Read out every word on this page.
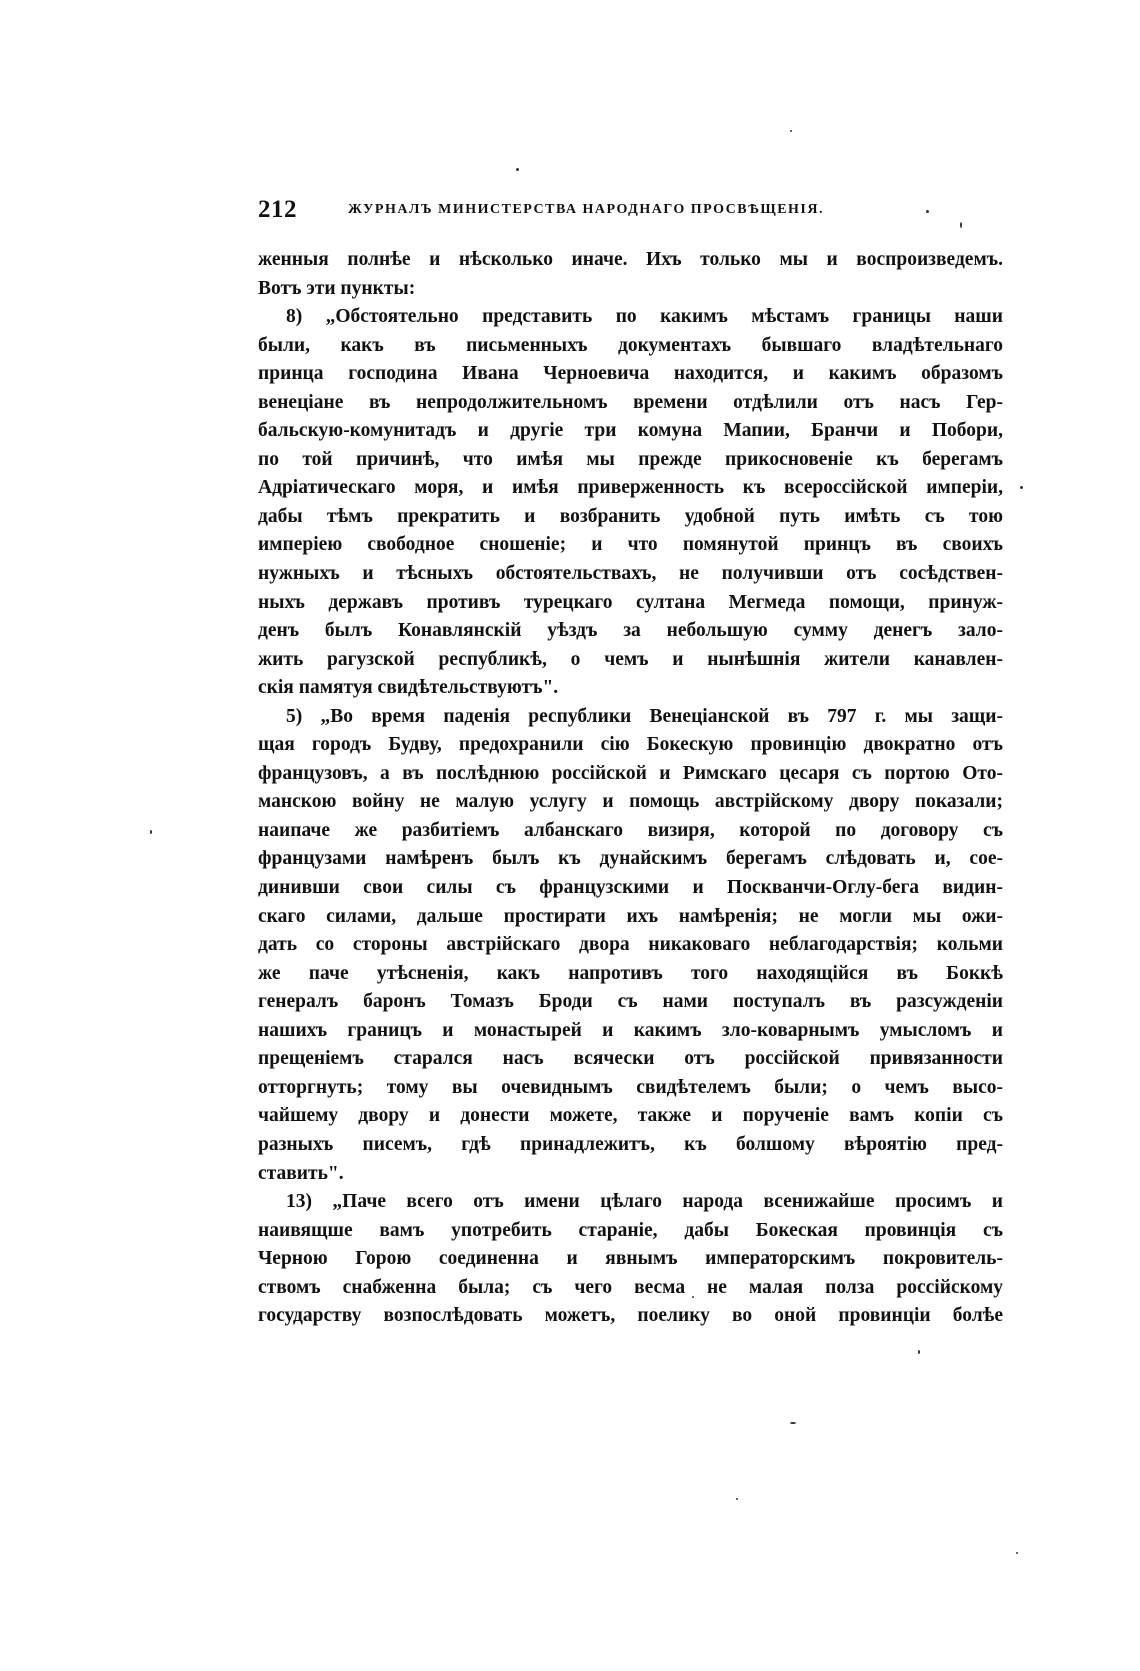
212	ЖУРНАЛЪ МИНИСТЕРСТВА НАРОДНАГО ПРОСВѢЩЕНІЯ.
женныя полнѣе и нѣсколько иначе. Ихъ только мы и воспроизведемъ.
Вотъ эти пункты:
8) „Обстоятельно представить по какимъ мѣстамъ границы наши
были, какъ въ письменныхъ документахъ бывшаго владѣтельнаго
принца господина Ивана Черноевича находится, и какимъ образомъ
венеціане въ непродолжительномъ времени отдѣлили отъ насъ Гер-
бальскую-комунитадъ и другіе три комуна Мапии, Бранчи и Побори,
по той причинѣ, что имѣя мы прежде прикосновеніе къ берегамъ
Адріатическаго моря, и имѣя приверженность къ всероссійской имперіи,
дабы тѣмъ прекратить и возбранить удобной путь имѣть съ тою
имперіею свободное сношеніе; и что помянутой принцъ въ своихъ
нужныхъ и тѣсныхъ обстоятельствахъ, не получивши отъ сосѣдствен-
ныхъ державъ противъ турецкаго султана Мегмеда помощи, принуж-
денъ былъ Конавлянскій уѣздъ за небольшую сумму денегъ зало-
жить рагузской республикѣ, о чемъ и нынѣшнія жители канавлен-
скія памятуя свидѣтельствуютъ".
5) „Во время паденія республики Венеціанской въ 797 г. мы защи-
щая городъ Будву, предохранили сію Бокескую провинцію двократно отъ
французовъ, а въ послѣднюю россійской и Римскаго цесаря съ портою Ото-
манскою войну не малую услугу и помощь австрійскому двору показали;
наипаче же разбитіемъ албанскаго визиря, которой по договору съ
французами намѣренъ былъ къ дунайскимъ берегамъ слѣдовать и, сое-
динивши свои силы съ французскими и Поскванчи-Оглу-бега видин-
скаго силами, дальше простирати ихъ намѣренія; не могли мы ожи-
дать со стороны австрійскаго двора никаковаго неблагодарствія; кольми
же паче утѣсненія, какъ напротивъ того находящійся въ Боккѣ
генералъ баронъ Томазъ Броди съ нами поступалъ въ разсужденіи
нашихъ границъ и монастырей и какимъ зло-коварнымъ умысломъ и
прещеніемъ старался насъ всячески отъ россійской привязанности
отторгнуть; тому вы очевиднымъ свидѣтелемъ были; о чемъ высо-
чайшему двору и донести можете, также и порученіе вамъ копіи съ
разныхъ писемъ, гдѣ принадлежитъ, къ болшому вѣроятію пред-
ставить".
13) „Паче всего отъ имени цѣлаго народа всенижайше просимъ и
наивящше вамъ употребить стараніе, дабы Бокеская провинція съ
Черною Горою соединенна и явнымъ императорскимъ покровитель-
ствомъ снабженна была; съ чего весма не малая полза россійскому
государству возпослѣдовать можетъ, поелику во оной провинціи болѣе
